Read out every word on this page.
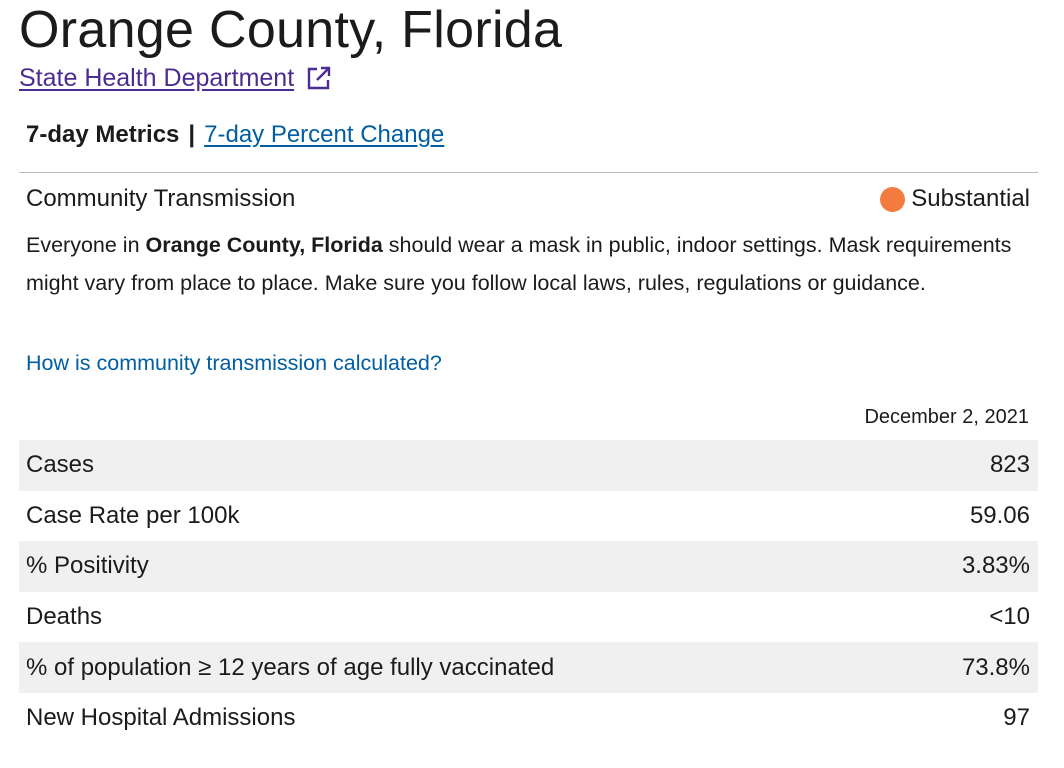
Orange County, Florida
State Health Department
7-day Metrics | 7-day Percent Change
Community Transmission	Substantial

Everyone in Orange County, Florida should wear a mask in public, indoor settings. Mask requirements might vary from place to place. Make sure you follow local laws, rules, regulations or guidance.

How is community transmission calculated?
December 2, 2021
Cases	823
Case Rate per 100k	59.06
% Positivity	3.83%
Deaths	<10
% of population ≥ 12 years of age fully vaccinated	73.8%
New Hospital Admissions	97
